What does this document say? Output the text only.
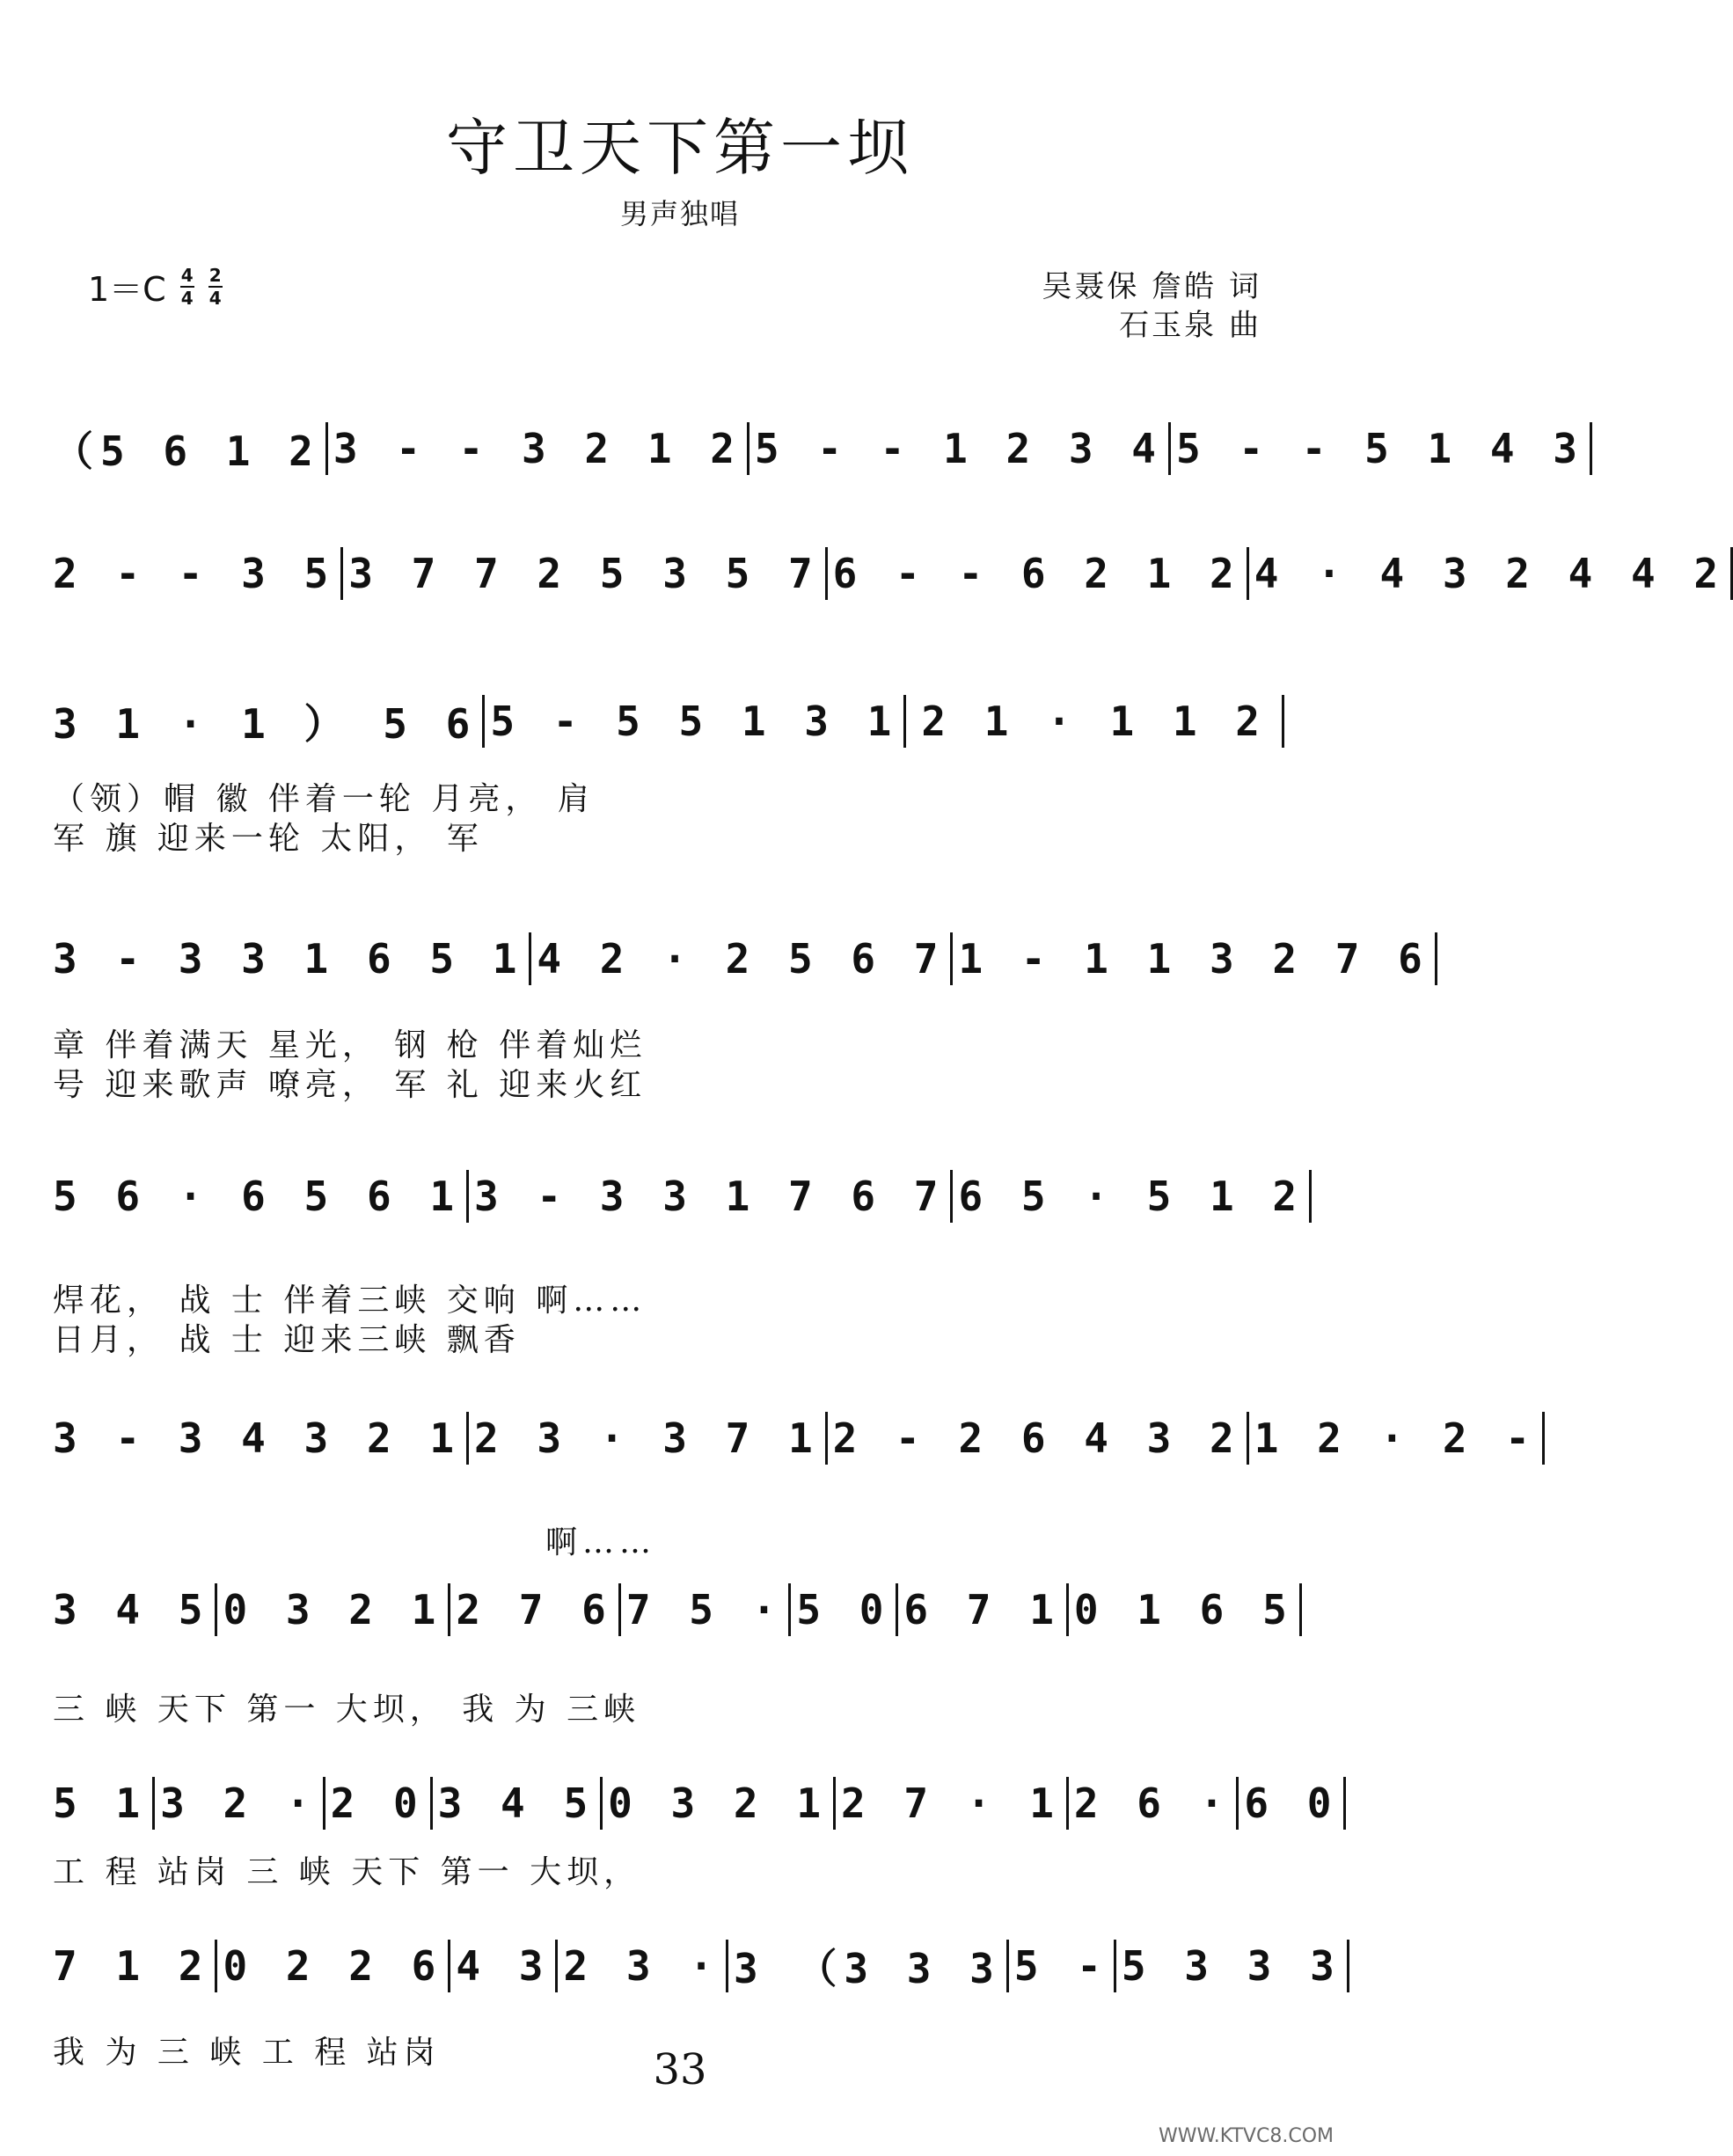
守卫天下第一坝
男声独唱
1＝C 4
4
2
4	吴聂保 詹皓 词
石玉泉 曲
（5 6 1 2 3 - - 3 2 1 2 5 - - 1 2 3 4 5 - - 5 1 4 3
2 - - 3 5 3 7 7 2 5 3 5 7 6 - - 6 2 1 2 4 · 4 3 2 4 4 2
3 1 · 1 ） 5 6 5 - 5 5 1 3 1 2 1 · 1 1 2
3 - 3 3 1 6 5 1 4 2 · 2 5 6 7 1 - 1 1 3 2 7 6
5 6 · 6 5 6 1 3 - 3 3 1 7 6 7 6 5 · 5 1 2
3 - 3 4 3 2 1 2 3 · 3 7 1 2 - 2 6 4 3 2 1 2 · 2 -
3 4 5 0 3 2 1 2 7 6 7 5 · 5 0 6 7 1 0 1 6 5
5 1 3 2 · 2 0 3 4 5 0 3 2 1 2 7 · 1 2 6 · 6 0
7 1 2 0 2 2 6 4 3 2 3 · 3 （3 3 3 5 - 5 3 3 3
（领）帽 徽 伴着一轮 月亮， 肩
军 旗 迎来一轮 太阳， 军
章 伴着满天 星光， 钢 枪 伴着灿烂
号 迎来歌声 嘹亮， 军 礼 迎来火红
焊花， 战 士 伴着三峡 交响 啊……
日月， 战 士 迎来三峡 飘香
啊……
三 峡 天下 第一 大坝， 我 为 三峡
工 程 站岗 三 峡 天下 第一 大坝，
我 为 三 峡 工 程 站岗	33
WWW.KTVC8.COM
